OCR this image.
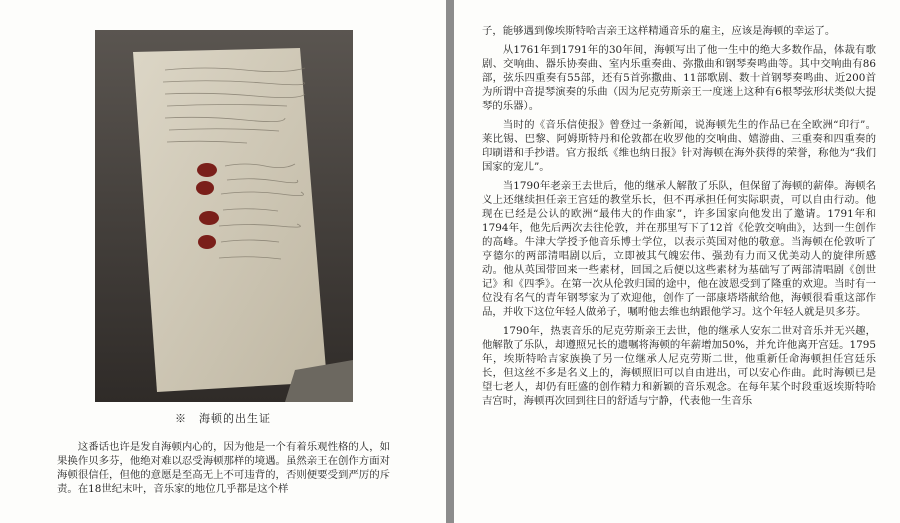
※　海顿的出生证

这番话也许是发自海顿内心的，因为他是一个有着乐观性格的人，如果换作贝多芬，他绝对难以忍受海顿那样的境遇。虽然亲王在创作方面对海顿很信任，但他的意愿是至高无上不可违背的，否则便要受到严厉的斥责。在18世纪末叶，音乐家的地位几乎都是这个样

子，能够遇到像埃斯特哈吉亲王这样精通音乐的雇主，应该是海顿的幸运了。

从1761年到1791年的30年间，海顿写出了他一生中的绝大多数作品，体裁有歌剧、交响曲、器乐协奏曲、室内乐重奏曲、弥撒曲和钢琴奏鸣曲等。其中交响曲有86部，弦乐四重奏有55部，还有5首弥撒曲、11部歌剧、数十首钢琴奏鸣曲、近200首为所谓中音提琴演奏的乐曲（因为尼克劳斯亲王一度迷上这种有6根琴弦形状类似大提琴的乐器）。

当时的《音乐信使报》曾登过一条新闻，说海顿先生的作品已在全欧洲“印行”。莱比锡、巴黎、阿姆斯特丹和伦敦都在收罗他的交响曲、嬉游曲、三重奏和四重奏的印刷谱和手抄谱。官方报纸《维也纳日报》针对海顿在海外获得的荣誉，称他为“我们国家的宠儿”。

当1790年老亲王去世后，他的继承人解散了乐队，但保留了海顿的薪俸。海顿名义上还继续担任亲王宫廷的教堂乐长，但不再承担任何实际职责，可以自由行动。他现在已经是公认的欧洲“最伟大的作曲家”，许多国家向他发出了邀请。1791年和1794年，他先后两次去往伦敦，并在那里写下了12首《伦敦交响曲》，达到一生创作的高峰。牛津大学授予他音乐博士学位，以表示英国对他的敬意。当海顿在伦敦听了亨德尔的两部清唱剧以后，立即被其气魄宏伟、强劲有力而又优美动人的旋律所感动。他从英国带回来一些素材，回国之后便以这些素材为基础写了两部清唱剧《创世记》和《四季》。在第一次从伦敦归国的途中，他在波恩受到了隆重的欢迎。当时有一位没有名气的青年钢琴家为了欢迎他，创作了一部康塔塔献给他，海顿很看重这部作品，并收下这位年轻人做弟子，嘱咐他去维也纳跟他学习。这个年轻人就是贝多芬。

1790年，热衷音乐的尼克劳斯亲王去世，他的继承人安东二世对音乐并无兴趣，他解散了乐队，却遵照兄长的遗嘱将海顿的年薪增加50%，并允许他离开宫廷。1795年，埃斯特哈吉家族换了另一位继承人尼克劳斯二世，他重新任命海顿担任宫廷乐长，但这丝不多是名义上的，海顿照旧可以自由进出，可以安心作曲。此时海顿已是望七老人，却仍有旺盛的创作精力和新颖的音乐观念。在每年某个时段重返埃斯特哈吉宫时，海顿再次回到往日的舒适与宁静，代表他一生音乐
